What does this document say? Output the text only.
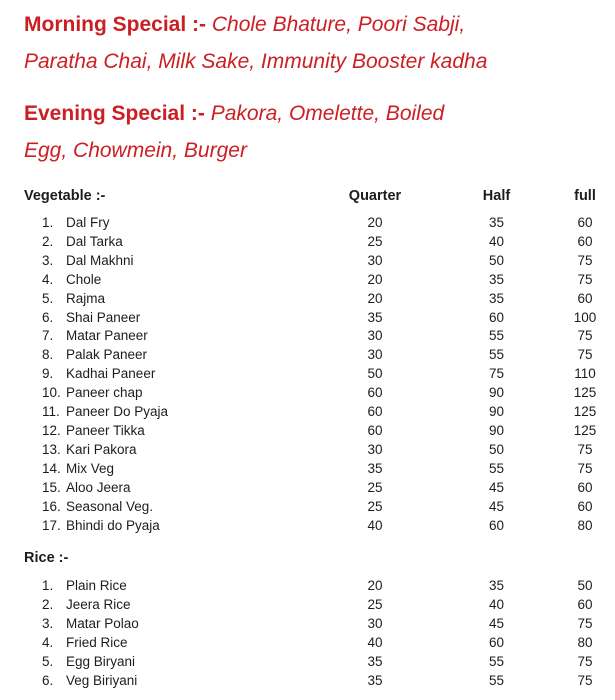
Morning Special :- Chole Bhature, Poori Sabji,
Paratha Chai, Milk Sake, Immunity Booster kadha

Evening Special :- Pakora, Omelette, Boiled
Egg, Chowmein, Burger

Vegetable :-	Quarter	Half	full
1. Dal Fry	20	35	60
2. Dal Tarka	25	40	60
3. Dal Makhni	30	50	75
4. Chole	20	35	75
5. Rajma	20	35	60
6. Shai Paneer	35	60	100
7. Matar Paneer	30	55	75
8. Palak Paneer	30	55	75
9. Kadhai Paneer	50	75	110
10. Paneer chap	60	90	125
11. Paneer Do Pyaja	60	90	125
12. Paneer Tikka	60	90	125
13. Kari Pakora	30	50	75
14. Mix Veg	35	55	75
15. Aloo Jeera	25	45	60
16. Seasonal Veg.	25	45	60
17. Bhindi do Pyaja	40	60	80
Rice :-
1. Plain Rice	20	35	50
2. Jeera Rice	25	40	60
3. Matar Polao	30	45	75
4. Fried Rice	40	60	80
5. Egg Biryani	35	55	75
6. Veg Biriyani	35	55	75
